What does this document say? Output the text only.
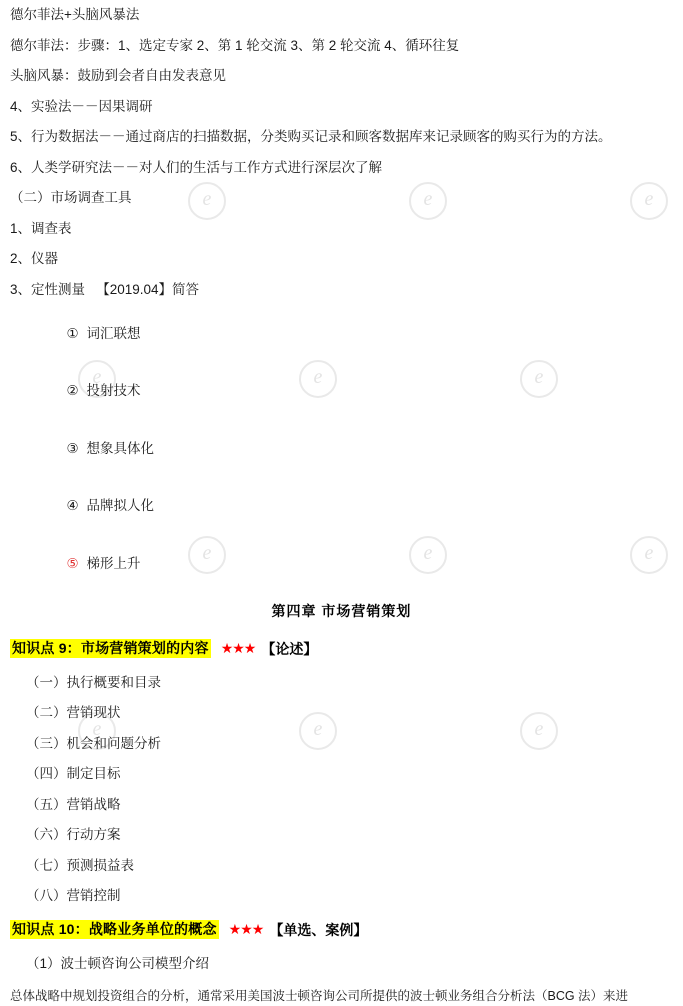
e	e	e
e	e	e
e	e	e
e	e	e

德尔菲法+头脑风暴法

德尔菲法：步骤：1、选定专家 2、第 1 轮交流 3、第 2 轮交流 4、循环往复

头脑风暴：鼓励到会者自由发表意见

4、实验法－－因果调研

5、行为数据法－－通过商店的扫描数据，分类购买记录和顾客数据库来记录顾客的购买行为的方法。

6、人类学研究法－－对人们的生活与工作方式进行深层次了解

（二）市场调查工具

1、调查表

2、仪器

3、定性测量   【2019.04】简答

① 词汇联想

② 投射技术

③ 想象具体化

④ 品牌拟人化

⑤ 梯形上升

第四章 市场营销策划

知识点 9：市场营销策划的内容 ★★★ 【论述】

（一）执行概要和目录

（二）营销现状

（三）机会和问题分析

（四）制定目标

（五）营销战略

（六）行动方案

（七）预测损益表

（八）营销控制

知识点 10：战略业务单位的概念 ★★★ 【单选、案例】

（1）波士顿咨询公司模型介绍

总体战略中规划投资组合的分析，通常采用美国波士顿咨询公司所提供的波士顿业务组合分析法（BCG 法）来进
